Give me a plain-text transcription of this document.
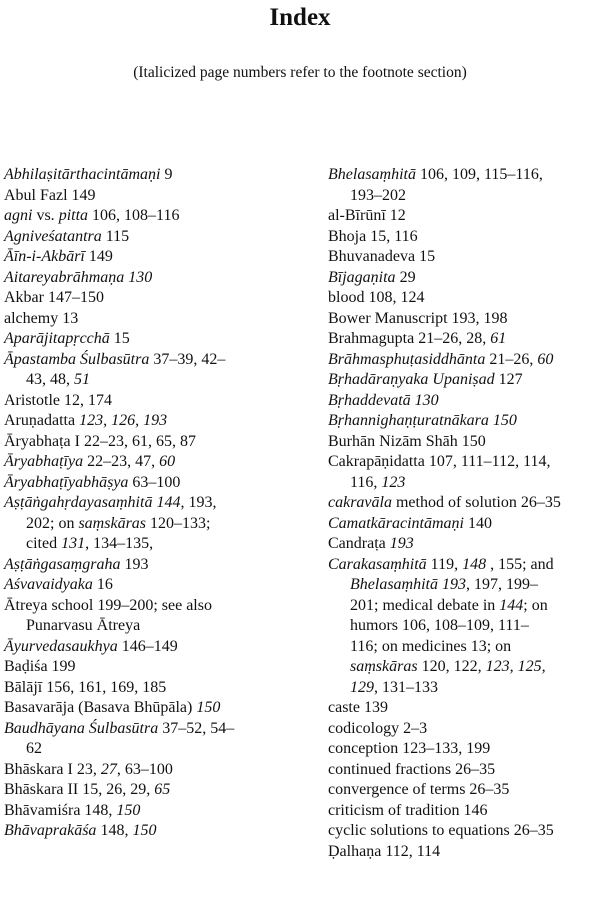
Index
(Italicized page numbers refer to the footnote section)
Abhilaṣitārthacintāmaṇi 9
Abul Fazl 149
agni vs. pitta 106, 108–116
Agniveśatantra 115
Āīn-i-Akbārī 149
Aitareyabrāhmaṇa 130
Akbar 147–150
alchemy 13
Aparājitapṛcchā 15
Āpastamba Śulbasūtra 37–39, 42–
43, 48, 51
Aristotle 12, 174
Aruṇadatta 123, 126, 193
Āryabhaṭa I 22–23, 61, 65, 87
Āryabhaṭīya 22–23, 47, 60
Āryabhaṭīyabhāṣya 63–100
Aṣṭāṅgahṛdayasaṃhitā 144, 193,
202; on saṃskāras 120–133;
cited 131, 134–135,
Aṣṭāṅgasaṃgraha 193
Aśvavaidyaka 16
Ātreya school 199–200; see also
Punarvasu Ātreya
Āyurvedasaukhya 146–149
Baḍiśa 199
Bālājī 156, 161, 169, 185
Basavarāja (Basava Bhūpāla) 150
Baudhāyana Śulbasūtra 37–52, 54–
62
Bhāskara I 23, 27, 63–100
Bhāskara II 15, 26, 29, 65
Bhāvamiśra 148, 150
Bhāvaprakāśa 148, 150
Bhelasaṃhitā 106, 109, 115–116,
193–202
al-Bīrūnī 12
Bhoja 15, 116
Bhuvanadeva 15
Bījagaṇita 29
blood 108, 124
Bower Manuscript 193, 198
Brahmagupta 21–26, 28, 61
Brāhmasphuṭasiddhānta 21–26, 60
Bṛhadāraṇyaka Upaniṣad 127
Bṛhaddevatā 130
Bṛhannighaṇṭuratnākara 150
Burhān Nizām Shāh 150
Cakrapāṇidatta 107, 111–112, 114,
116, 123
cakravāla method of solution 26–35
Camatkāracintāmaṇi 140
Candraṭa 193
Carakasaṃhitā 119, 148 , 155; and
Bhelasaṃhitā 193, 197, 199–
201; medical debate in 144; on
humors 106, 108–109, 111–
116; on medicines 13; on
saṃskāras 120, 122, 123, 125,
129, 131–133
caste 139
codicology 2–3
conception 123–133, 199
continued fractions 26–35
convergence of terms 26–35
criticism of tradition 146
cyclic solutions to equations 26–35
Ḍalhaṇa 112, 114
